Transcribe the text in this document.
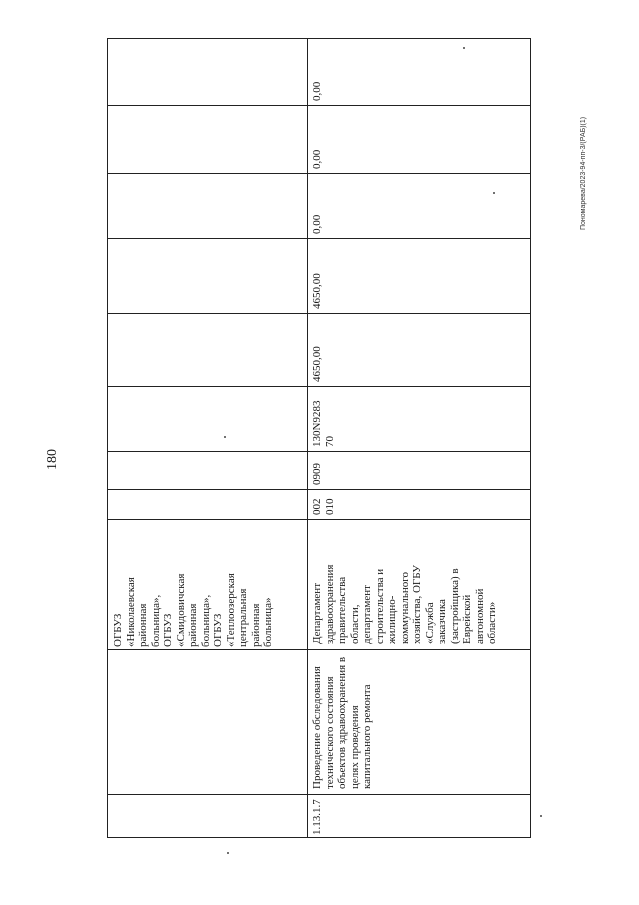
180
Пономарева/2023-94-пп-3/(РАБ)(1)
ОГБУЗ
«Николаевская
районная
больница»,
ОГБУЗ
«Смидовичская
районная
больница»,
ОГБУЗ
«Теплоозерская
центральная
районная
больница»
1.13.1.7
Проведение обследования
технического состояния
объектов здравоохранения в
целях проведения
капитального ремонта
Департамент
здравоохранения
правительства
области,
департамент
строительства и
жилищно-
коммунального
хозяйства, ОГБУ
«Служба
заказчика
(застройщика) в
Еврейской
автономной
области»
002
010
0909
130N9283
70
4650,00
4650,00
0,00
0,00
0,00
